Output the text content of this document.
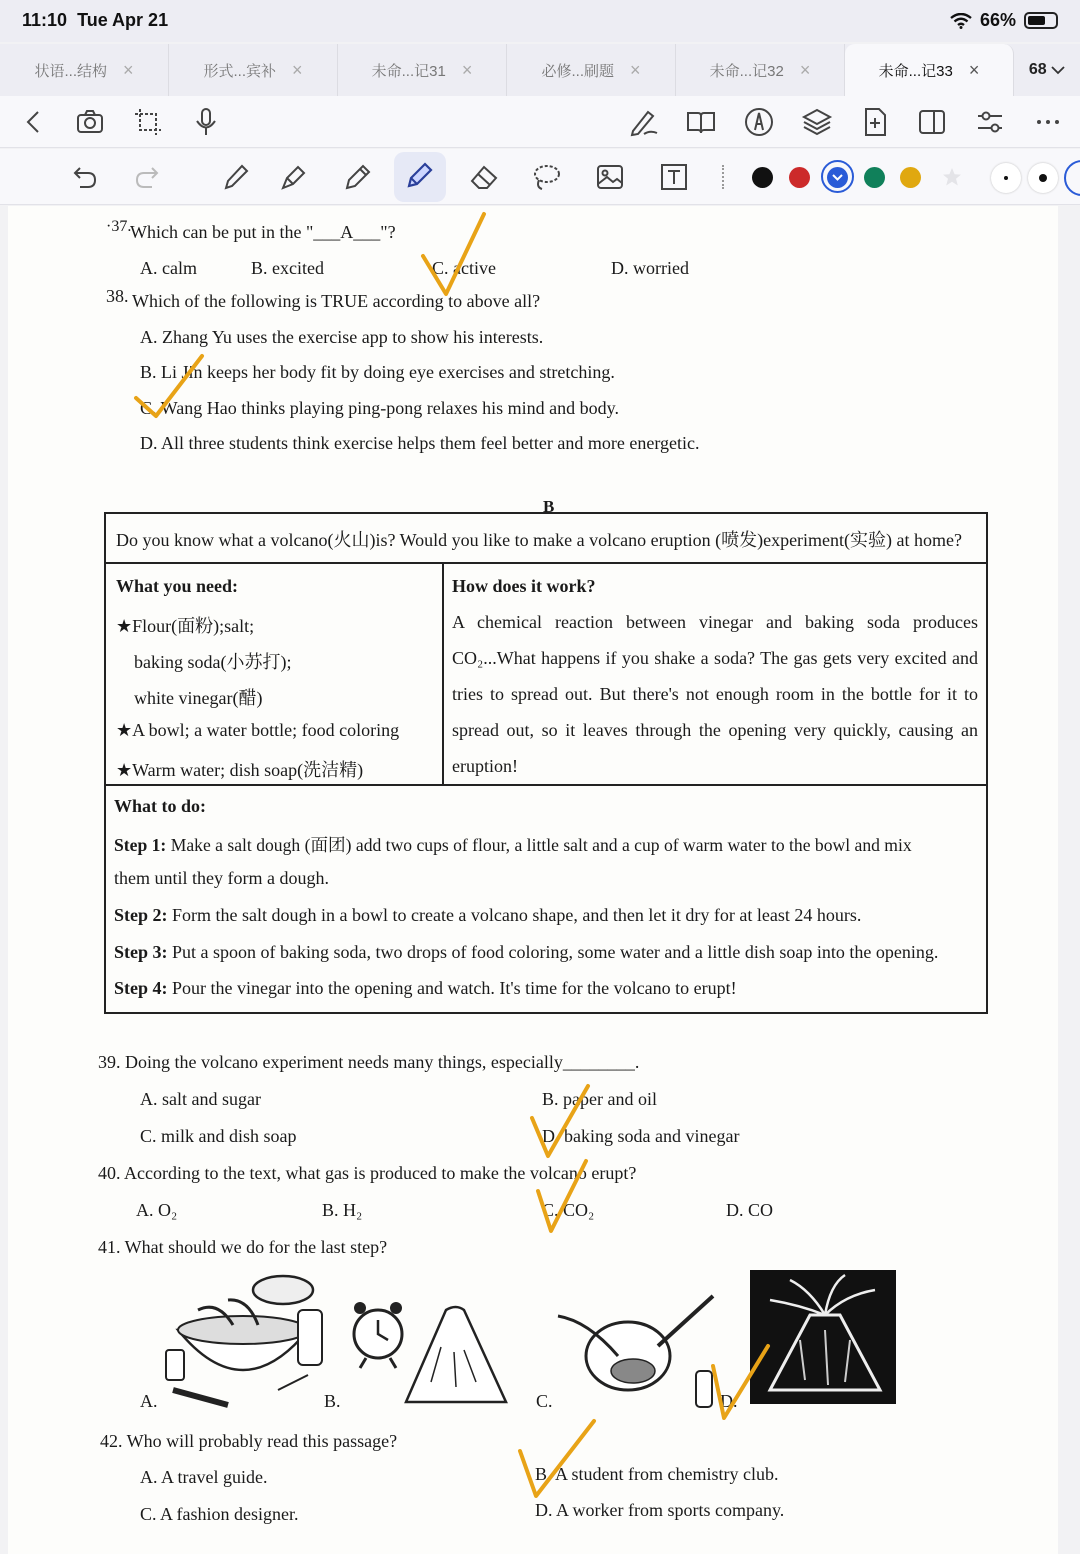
11:10 Tue Apr 21	66%
状语...结构 ×	形式...宾补 ×	未命...记31 ×	必修...刷题 ×	未命...记32 ×	未命...记33 ×	68

·37.
Which can be put in the "___A___"?
A. calm	B. excited	C. active	D. worried
38. Which of the following is TRUE according to above all?
A. Zhang Yu uses the exercise app to show his interests.
B. Li Jin keeps her body fit by doing eye exercises and stretching.
C. Wang Hao thinks playing ping-pong relaxes his mind and body.
D. All three students think exercise helps them feel better and more energetic.
B
Do you know what a volcano(火山)is? Would you like to make a volcano eruption (喷发)experiment(实验) at home?
What you need:
★Flour(面粉);salt;
baking soda(小苏打);
white vinegar(醋)
★A bowl; a water bottle; food coloring
★Warm water; dish soap(洗洁精)
How does it work?
A chemical reaction between vinegar and baking soda produces
CO₂...What happens if you shake a soda? The gas gets very excited and
tries to spread out. But there's not enough room in the bottle for it to
spread out, so it leaves through the opening very quickly, causing an
eruption!
What to do:
Step 1: Make a salt dough (面团) add two cups of flour, a little salt and a cup of warm water to the bowl and mix
them until they form a dough.
Step 2: Form the salt dough in a bowl to create a volcano shape, and then let it dry for at least 24 hours.
Step 3: Put a spoon of baking soda, two drops of food coloring, some water and a little dish soap into the opening.
Step 4: Pour the vinegar into the opening and watch. It's time for the volcano to erupt!
39. Doing the volcano experiment needs many things, especially________.
A. salt and sugar	B. paper and oil
C. milk and dish soap	D. baking soda and vinegar
40. According to the text, what gas is produced to make the volcano erupt?
A. O₂	B. H₂	C. CO₂	D. CO
41. What should we do for the last step?
A.	B.	C.	D.
42. Who will probably read this passage?
A. A travel guide.	B. A student from chemistry club.
C. A fashion designer.	D. A worker from sports company.
